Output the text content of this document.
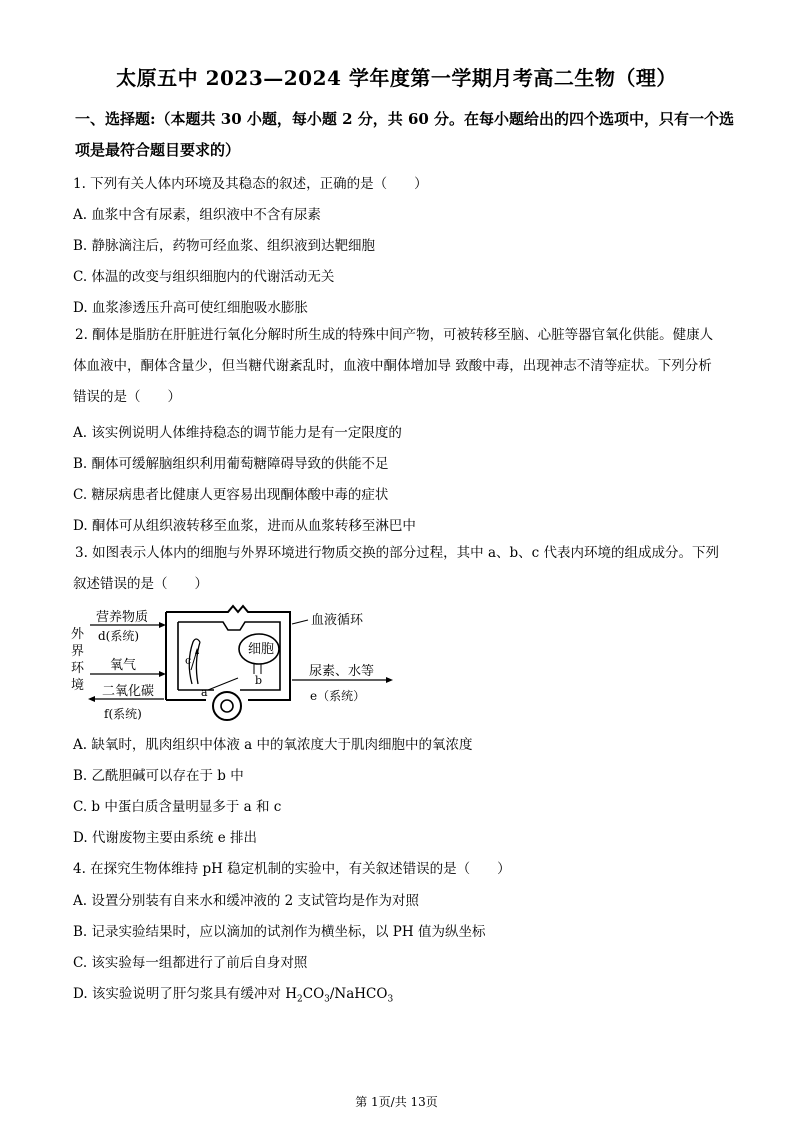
太原五中 2023—2024 学年度第一学期月考高二生物（理）
一、选择题:（本题共 30 小题，每小题 2 分，共 60 分。在每小题给出的四个选项中，只有一个选项是最符合题目要求的）
1. 下列有关人体内环境及其稳态的叙述，正确的是（　　）
A. 血浆中含有尿素，组织液中不含有尿素
B. 静脉滴注后，药物可经血浆、组织液到达靶细胞
C. 体温的改变与组织细胞内的代谢活动无关
D. 血浆渗透压升高可使红细胞吸水膨胀
2. 酮体是脂肪在肝脏进行氧化分解时所生成的特殊中间产物，可被转移至脑、心脏等器官氧化供能。健康人体血液中，酮体含量少，但当糖代谢紊乱时，血液中酮体增加导 致酸中毒，出现神志不清等症状。下列分析错误的是（　　）
A. 该实例说明人体维持稳态的调节能力是有一定限度的
B. 酮体可缓解脑组织利用葡萄糖障碍导致的供能不足
C. 糖尿病患者比健康人更容易出现酮体酸中毒的症状
D. 酮体可从组织液转移至血浆，进而从血浆转移至淋巴中
3. 如图表示人体内的细胞与外界环境进行物质交换的部分过程，其中 a、b、c 代表内环境的组成成分。下列叙述错误的是（　　）
细胞
a
b
c
外
界
环
境
营养物质
d(系统)
氧气
二氧化碳
f(系统)
血液循环
尿素、水等
e（系统）
A. 缺氧时，肌肉组织中体液 a 中的氧浓度大于肌肉细胞中的氧浓度
B. 乙酰胆碱可以存在于 b 中
C. b 中蛋白质含量明显多于 a 和 c
D. 代谢废物主要由系统 e 排出
4. 在探究生物体维持 pH 稳定机制的实验中，有关叙述错误的是（　　）
A. 设置分别装有自来水和缓冲液的 2 支试管均是作为对照
B. 记录实验结果时，应以滴加的试剂作为横坐标，以 PH 值为纵坐标
C. 该实验每一组都进行了前后自身对照
D. 该实验说明了肝匀浆具有缓冲对 $H_2CO_3/NaHCO_3$
第 1页/共 13页
